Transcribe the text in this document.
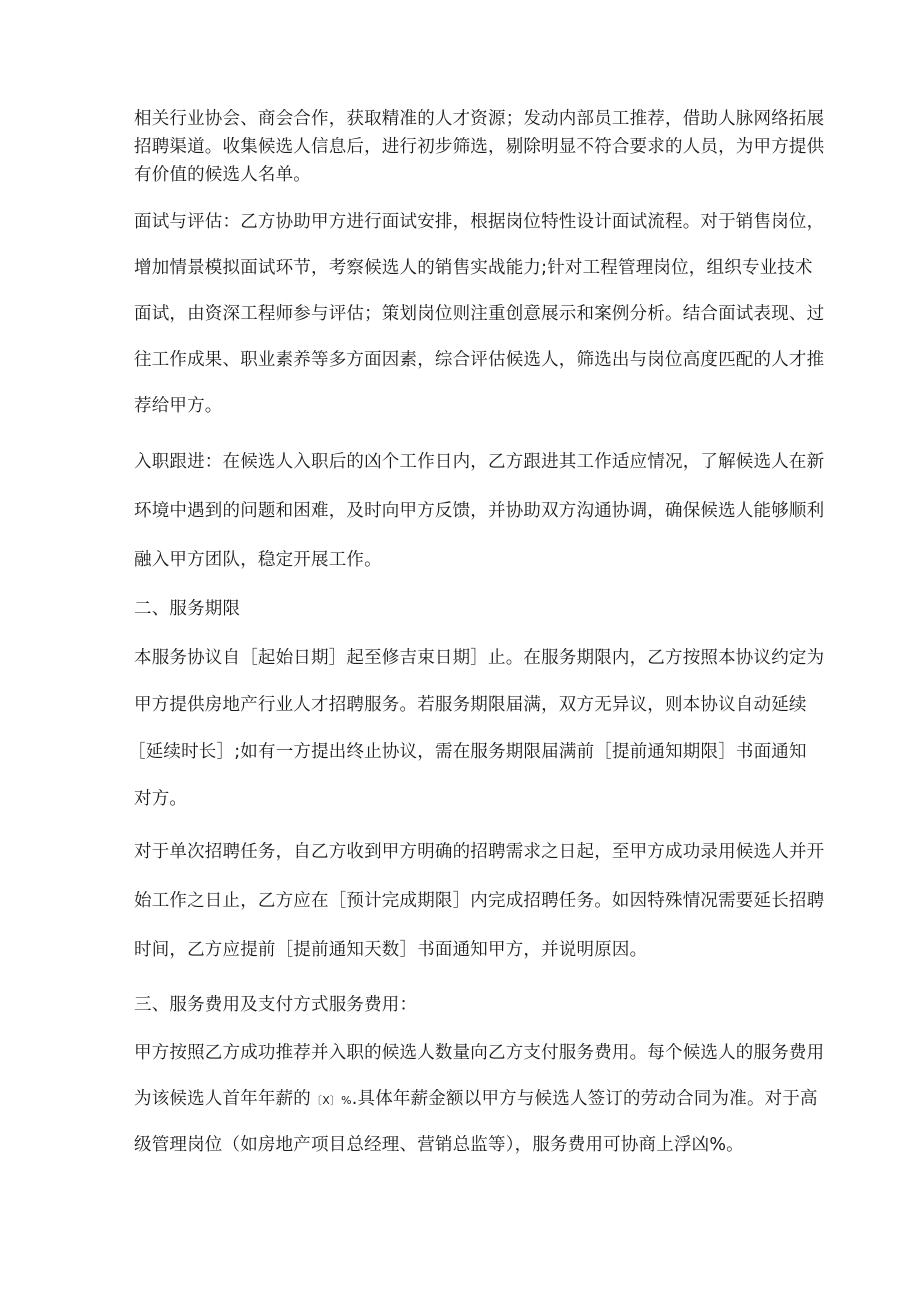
相关行业协会、商会合作，获取精准的人才资源；发动内部员工推荐，借助人脉网络拓展
招聘渠道。收集候选人信息后，进行初步筛选，剔除明显不符合要求的人员，为甲方提供
有价值的候选人名单。
面试与评估：乙方协助甲方进行面试安排，根据岗位特性设计面试流程。对于销售岗位，
增加情景模拟面试环节，考察候选人的销售实战能力;针对工程管理岗位，组织专业技术
面试，由资深工程师参与评估；策划岗位则注重创意展示和案例分析。结合面试表现、过
往工作成果、职业素养等多方面因素，综合评估候选人，筛选出与岗位高度匹配的人才推
荐给甲方。
入职跟进：在候选人入职后的凶个工作日内，乙方跟进其工作适应情况，了解候选人在新
环境中遇到的问题和困难，及时向甲方反馈，并协助双方沟通协调，确保候选人能够顺利
融入甲方团队，稳定开展工作。
二、服务期限
本服务协议自［起始日期］起至修吉束日期］止。在服务期限内，乙方按照本协议约定为
甲方提供房地产行业人才招聘服务。若服务期限届满，双方无异议，则本协议自动延续
［延续时长］;如有一方提出终止协议，需在服务期限届满前［提前通知期限］书面通知
对方。
对于单次招聘任务，自乙方收到甲方明确的招聘需求之日起，至甲方成功录用候选人并开
始工作之日止，乙方应在［预计完成期限］内完成招聘任务。如因特殊情况需要延长招聘
时间，乙方应提前［提前通知天数］书面通知甲方，并说明原因。
三、服务费用及支付方式服务费用：
甲方按照乙方成功推荐并入职的候选人数量向乙方支付服务费用。每个候选人的服务费用
为该候选人首年年薪的〔X〕%.具体年薪金额以甲方与候选人签订的劳动合同为准。对于高
级管理岗位（如房地产项目总经理、营销总监等），服务费用可协商上浮凶%。
